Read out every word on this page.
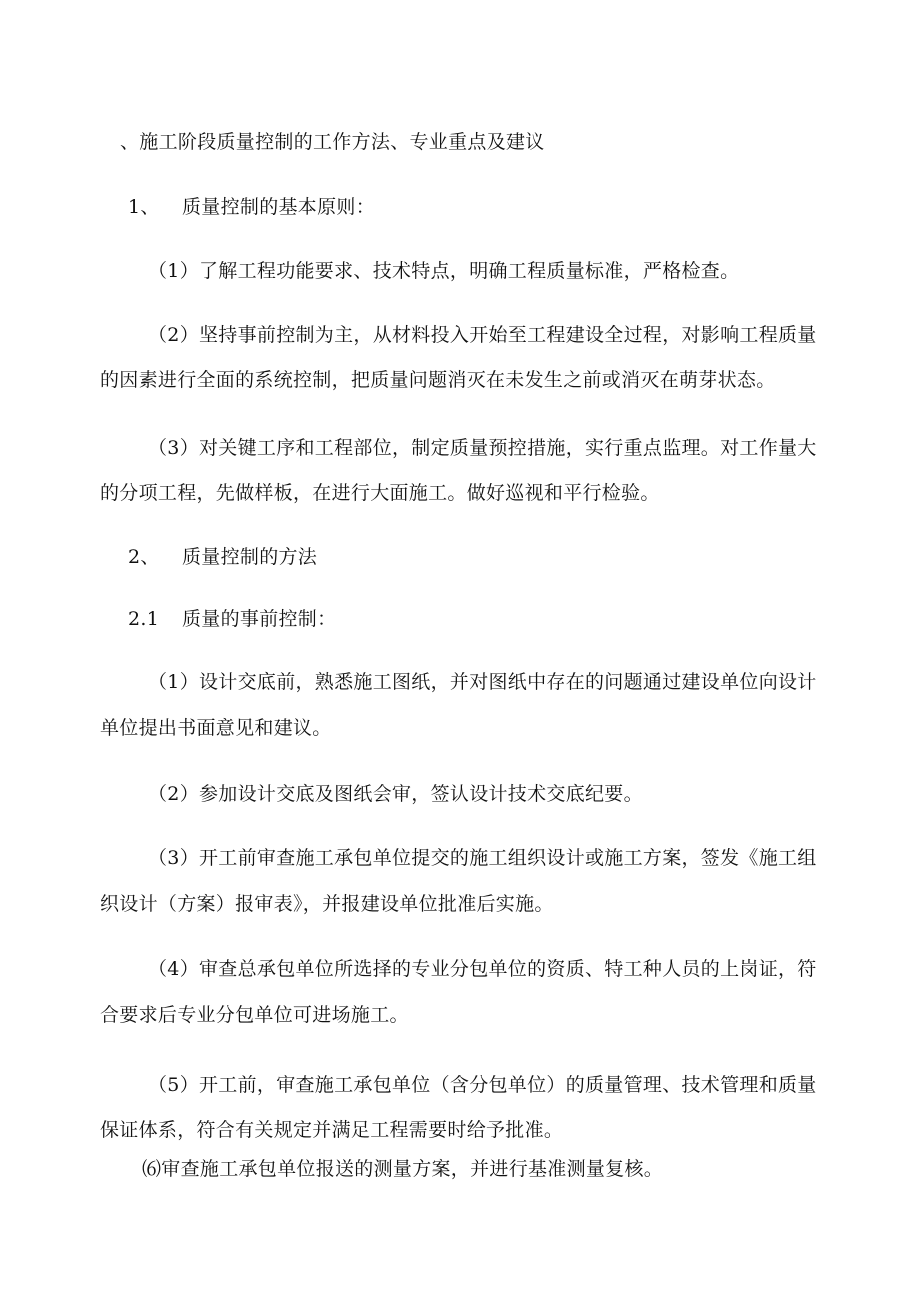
、施工阶段质量控制的工作方法、专业重点及建议
1、 质量控制的基本原则：
（1）了解工程功能要求、技术特点，明确工程质量标准，严格检查。
（2）坚持事前控制为主，从材料投入开始至工程建设全过程，对影响工程质量
的因素进行全面的系统控制，把质量问题消灭在未发生之前或消灭在萌芽状态。
（3）对关键工序和工程部位，制定质量预控措施，实行重点监理。对工作量大
的分项工程，先做样板，在进行大面施工。做好巡视和平行检验。
2、 质量控制的方法
2.1 质量的事前控制：
（1）设计交底前，熟悉施工图纸，并对图纸中存在的问题通过建设单位向设计
单位提出书面意见和建议。
（2）参加设计交底及图纸会审，签认设计技术交底纪要。
（3）开工前审查施工承包单位提交的施工组织设计或施工方案，签发《施工组
织设计（方案）报审表》，并报建设单位批准后实施。
（4）审查总承包单位所选择的专业分包单位的资质、特工种人员的上岗证，符
合要求后专业分包单位可进场施工。
（5）开工前，审查施工承包单位（含分包单位）的质量管理、技术管理和质量
保证体系，符合有关规定并满足工程需要时给予批准。
⑹审查施工承包单位报送的测量方案，并进行基准测量复核。
